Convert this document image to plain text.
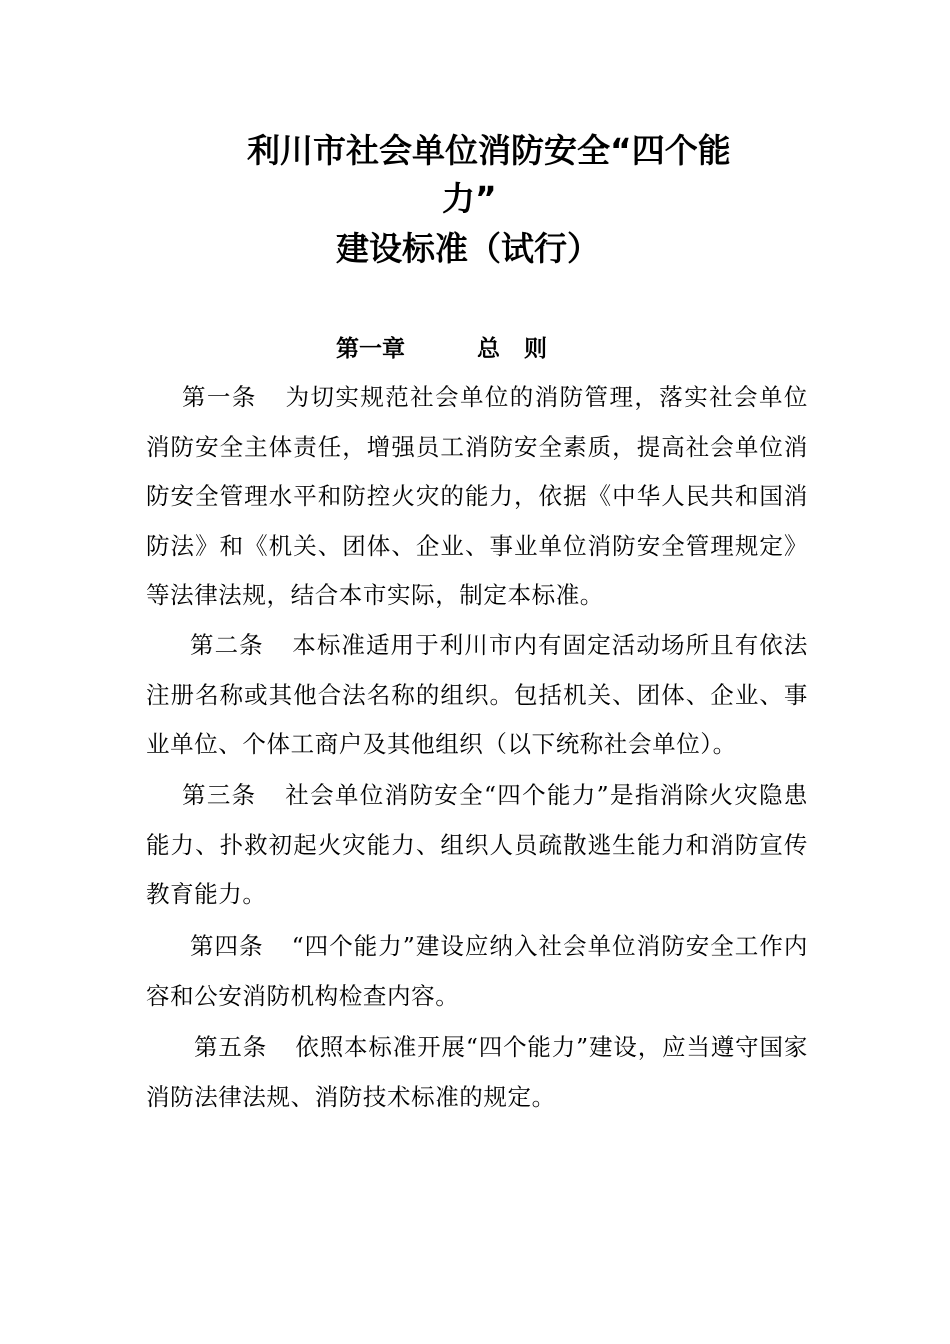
利川市社会单位消防安全“四个能
力”
建设标准（试行）
第一章	总 则

第一条 为切实规范社会单位的消防管理，落实社会单位消防安全主体责任，增强员工消防安全素质，提高社会单位消防安全管理水平和防控火灾的能力，依据《中华人民共和国消防法》和《机关、团体、企业、事业单位消防安全管理规定》等法律法规，结合本市实际，制定本标准。

第二条 本标准适用于利川市内有固定活动场所且有依法注册名称或其他合法名称的组织。包括机关、团体、企业、事业单位、个体工商户及其他组织（以下统称社会单位）。

第三条 社会单位消防安全“四个能力”是指消除火灾隐患能力、扑救初起火灾能力、组织人员疏散逃生能力和消防宣传教育能力。

第四条 “四个能力”建设应纳入社会单位消防安全工作内容和公安消防机构检查内容。

第五条 依照本标准开展“四个能力”建设，应当遵守国家消防法律法规、消防技术标准的规定。
